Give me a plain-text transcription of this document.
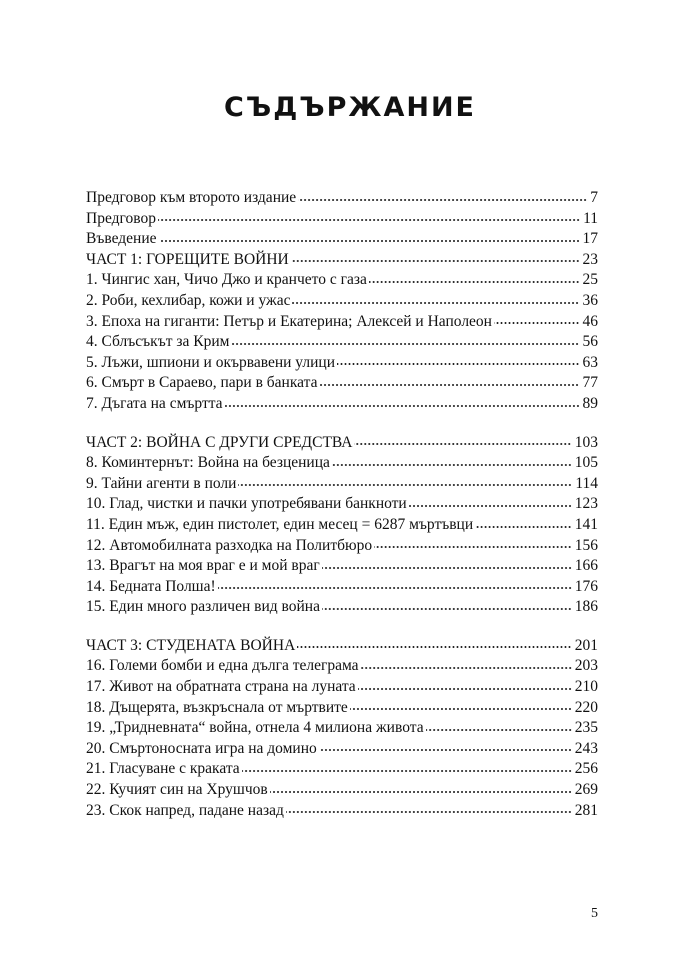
СЪДЪРЖАНИЕ
Предговор към второто издание	7
Предговор	11
Въведение	17
ЧАСТ 1: ГОРЕЩИТЕ ВОЙНИ	23
1. Чингис хан, Чичо Джо и кранчето с газа	25
2. Роби, кехлибар, кожи и ужас	36
3. Епоха на гиганти: Петър и Екатерина; Алексей и Наполеон	46
4. Сблъсъкът за Крим	56
5. Лъжи, шпиони и окървавени улици	63
6. Смърт в Сараево, пари в банката	77
7. Дъгата на смъртта	89
ЧАСТ 2: ВОЙНА С ДРУГИ СРЕДСТВА	103
8. Коминтернът: Война на безценица	105
9. Тайни агенти в поли	114
10. Глад, чистки и пачки употребявани банкноти	123
11. Един мъж, един пистолет, един месец = 6287 мъртъвци	141
12. Автомобилната разходка на Политбюро	156
13. Врагът на моя враг е и мой враг	166
14. Бедната Полша!	176
15. Един много различен вид война	186
ЧАСТ 3: СТУДЕНАТА ВОЙНА	201
16. Големи бомби и една дълга телеграма	203
17. Живот на обратната страна на луната	210
18. Дъщерята, възкръснала от мъртвите	220
19. „Тридневната“ война, отнела 4 милиона живота	235
20. Смъртоносната игра на домино	243
21. Гласуване с краката	256
22. Кучият син на Хрушчов	269
23. Скок напред, падане назад	281
5
